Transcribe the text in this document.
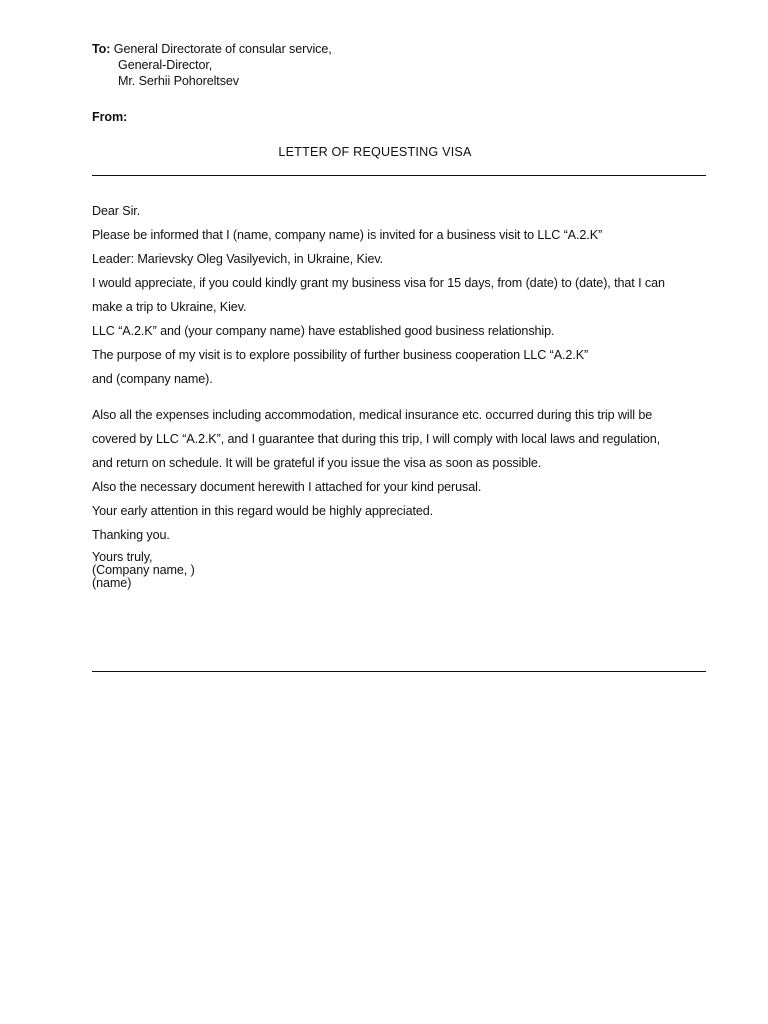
To: General Directorate of consular service,
General-Director,
Mr. Serhii Pohoreltsev
From:
LETTER OF REQUESTING VISA
Dear Sir.
Please be informed that I (name, company name) is invited for a business visit to LLC “A.2.K”
Leader: Marievsky Oleg Vasilyevich, in Ukraine, Kiev.
I would appreciate, if you could kindly grant my business visa for 15 days, from (date) to (date), that I can
make a trip to Ukraine, Kiev.
LLC “A.2.K” and (your company name) have established good business relationship.
The purpose of my visit is to explore possibility of further business cooperation LLC “A.2.K”
and (company name).
Also all the expenses including accommodation, medical insurance etc. occurred during this trip will be
covered by LLC “A.2.K”, and I guarantee that during this trip, I will comply with local laws and regulation,
and return on schedule. It will be grateful if you issue the visa as soon as possible.
Also the necessary document herewith I attached for your kind perusal.
Your early attention in this regard would be highly appreciated.
Thanking you.
Yours truly,
(Company name, )
(name)
